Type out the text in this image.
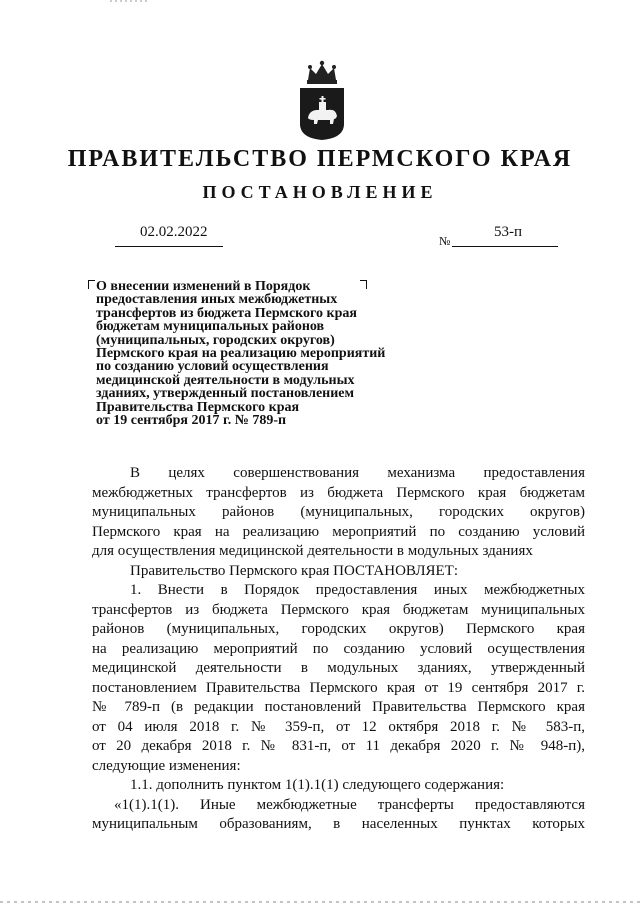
ПРАВИТЕЛЬСТВО ПЕРМСКОГО КРАЯ
ПОСТАНОВЛЕНИЕ
02.02.2022
№
53-п
О внесении изменений в Порядок
предоставления иных межбюджетных
трансфертов из бюджета Пермского края
бюджетам муниципальных районов
(муниципальных, городских округов)
Пермского края на реализацию мероприятий
по созданию условий осуществления
медицинской деятельности в модульных
зданиях, утвержденный постановлением
Правительства Пермского края
от 19 сентября 2017 г. № 789-п
В целях совершенствования механизма предоставления
межбюджетных трансфертов из бюджета Пермского края бюджетам
муниципальных районов (муниципальных, городских округов)
Пермского края на реализацию мероприятий по созданию условий
для осуществления медицинской деятельности в модульных зданиях
Правительство Пермского края ПОСТАНОВЛЯЕТ:
1. Внести в Порядок предоставления иных межбюджетных
трансфертов из бюджета Пермского края бюджетам муниципальных
районов (муниципальных, городских округов) Пермского края
на реализацию мероприятий по созданию условий осуществления
медицинской деятельности в модульных зданиях, утвержденный
постановлением Правительства Пермского края от 19 сентября 2017 г.
№ 789-п (в редакции постановлений Правительства Пермского края
от 04 июля 2018 г. № 359-п, от 12 октября 2018 г. № 583-п,
от 20 декабря 2018 г. № 831-п, от 11 декабря 2020 г. № 948-п),
следующие изменения:
1.1. дополнить пунктом 1(1).1(1) следующего содержания:
«1(1).1(1). Иные межбюджетные трансферты предоставляются
муниципальным образованиям, в населенных пунктах которых
